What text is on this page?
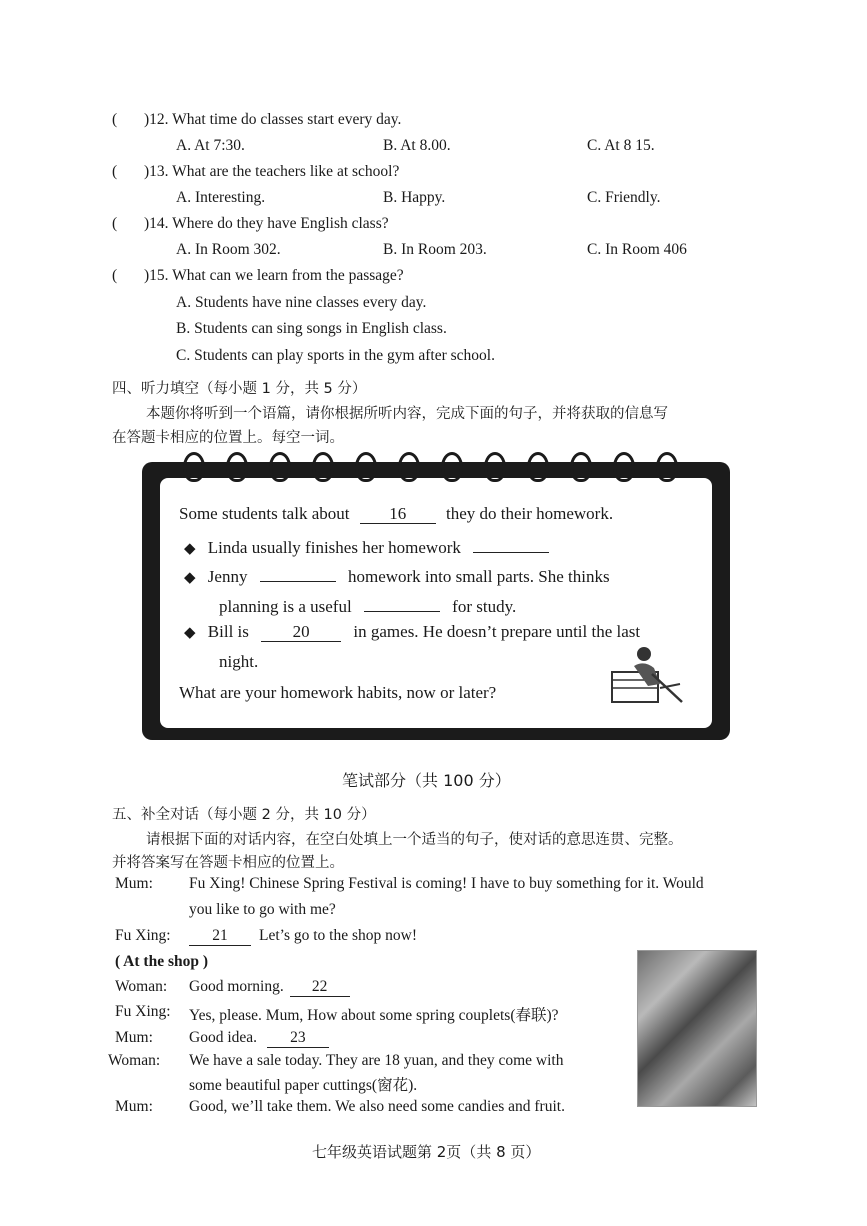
( )12. What time do classes start every day.
A. At 7:30.	B. At 8.00.	C. At 8 15.
( )13. What are the teachers like at school?
A. Interesting.	B. Happy.	C. Friendly.
( )14. Where do they have English class?
A. In Room 302.	B. In Room 203.	C. In Room 406
( )15. What can we learn from the passage?
A. Students have nine classes every day.
B. Students can sing songs in English class.
C. Students can play sports in the gym after school.
四、听力填空（每小题 1 分，共 5 分）
本题你将听到一个语篇，请你根据所听内容，完成下面的句子，并将获取的信息写
在答题卡相应的位置上。每空一词。
Some students talk about 16 they do their homework.
◆ Linda usually finishes her homework
◆ Jenny	homework into small parts. She thinks
planning is a useful	for study.
◆ Bill is	20	in games. He doesn’t prepare until the last
night.
What are your homework habits, now or later?
笔试部分（共 100 分）
五、补全对话（每小题 2 分，共 10 分）
请根据下面的对话内容，在空白处填上一个适当的句子，使对话的意思连贯、完整。
并将答案写在答题卡相应的位置上。
Mum: Fu Xing! Chinese Spring Festival is coming! I have to buy something for it. Would
you like to go with me?
Fu Xing:	21	Let’s go to the shop now!
( At the shop )
Woman: Good morning. 22
Fu Xing: Yes, please. Mum, How about some spring couplets(春联)?
Mum: Good idea. 23
Woman: We have a sale today. They are 18 yuan, and they come with
some beautiful paper cuttings(窗花).
Mum: Good, we’ll take them. We also need some candies and fruit.
七年级英语试题第 2页（共 8 页）
